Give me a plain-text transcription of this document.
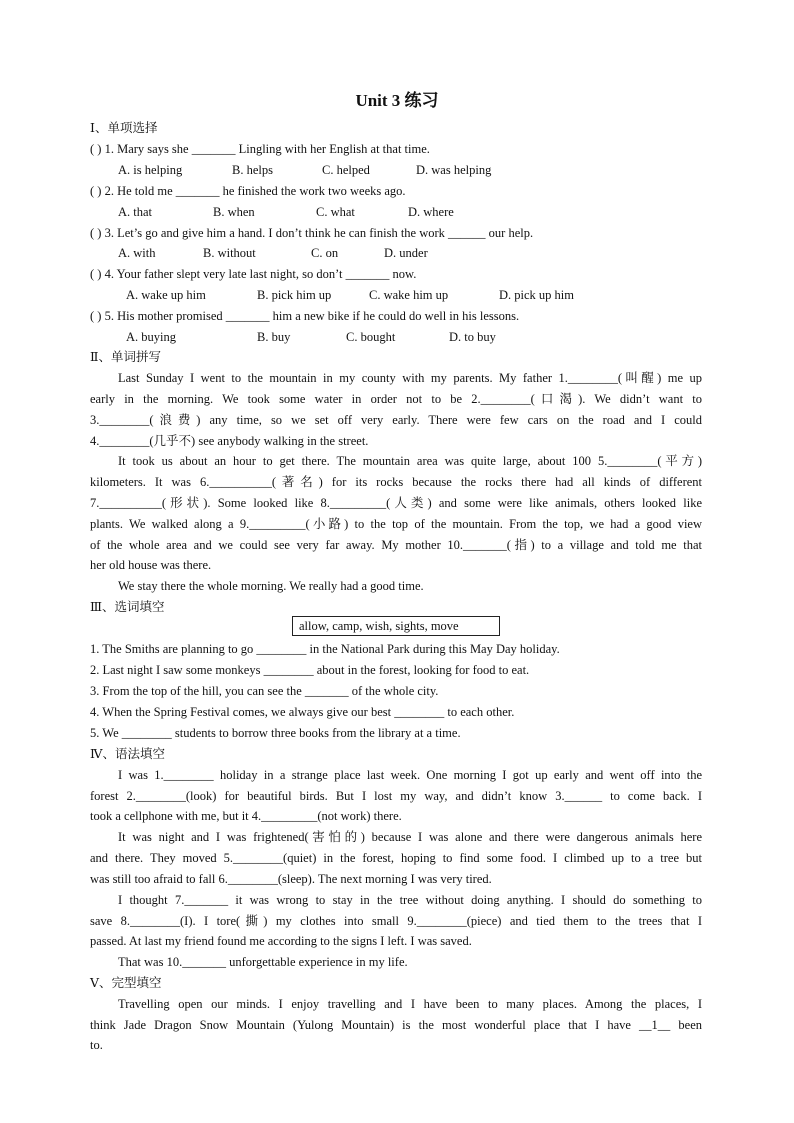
Unit 3 练习
Ⅰ、单项选择
( ) 1. Mary says she _______ Lingling with her English at that time.
A. is helping	B. helps	C. helped	D. was helping
( ) 2. He told me _______ he finished the work two weeks ago.
A. that	B. when	C. what	D. where
( ) 3. Let’s go and give him a hand. I don’t think he can finish the work ______ our help.
A. with	B. without	C. on	D. under
( ) 4. Your father slept very late last night, so don’t _______ now.
A. wake up him	B. pick him up	C. wake him up	D. pick up him
( ) 5. His mother promised _______ him a new bike if he could do well in his lessons.
A. buying	B. buy	C. bought	D. to buy
Ⅱ、单词拼写
Last Sunday I went to the mountain in my county with my parents. My father 1.________(叫醒) me up
early in the morning. We took some water in order not to be 2.________(口渴). We didn’t want to
3.________(浪费) any time, so we set off very early. There were few cars on the road and I could
4.________(几乎不) see anybody walking in the street.
It took us about an hour to get there. The mountain area was quite large, about 100 5.________(平方)
kilometers. It was 6.__________(著名) for its rocks because the rocks there had all kinds of different
7.__________(形状). Some looked like 8._________(人类) and some were like animals, others looked like
plants. We walked along a 9._________(小路) to the top of the mountain. From the top, we had a good view
of the whole area and we could see very far away. My mother 10._______(指) to a village and told me that
her old house was there.
We stay there the whole morning. We really had a good time.
Ⅲ、选词填空
allow, camp, wish, sights, move
1. The Smiths are planning to go ________ in the National Park during this May Day holiday.
2. Last night I saw some monkeys ________ about in the forest, looking for food to eat.
3. From the top of the hill, you can see the _______ of the whole city.
4. When the Spring Festival comes, we always give our best ________ to each other.
5. We ________ students to borrow three books from the library at a time.
Ⅳ、语法填空
I was 1.________ holiday in a strange place last week. One morning I got up early and went off into the
forest 2.________(look) for beautiful birds. But I lost my way, and didn’t know 3.______ to come back. I
took a cellphone with me, but it 4._________(not work) there.
It was night and I was frightened(害怕的) because I was alone and there were dangerous animals here
and there. They moved 5.________(quiet) in the forest, hoping to find some food. I climbed up to a tree but
was still too afraid to fall 6.________(sleep). The next morning I was very tired.
I thought 7._______ it was wrong to stay in the tree without doing anything. I should do something to
save 8.________(I). I tore(撕) my clothes into small 9.________(piece) and tied them to the trees that I
passed. At last my friend found me according to the signs I left. I was saved.
That was 10._______ unforgettable experience in my life.
Ⅴ、完型填空
Travelling open our minds. I enjoy travelling and I have been to many places. Among the places, I
think Jade Dragon Snow Mountain (Yulong Mountain) is the most wonderful place that I have __1__ been
to.
